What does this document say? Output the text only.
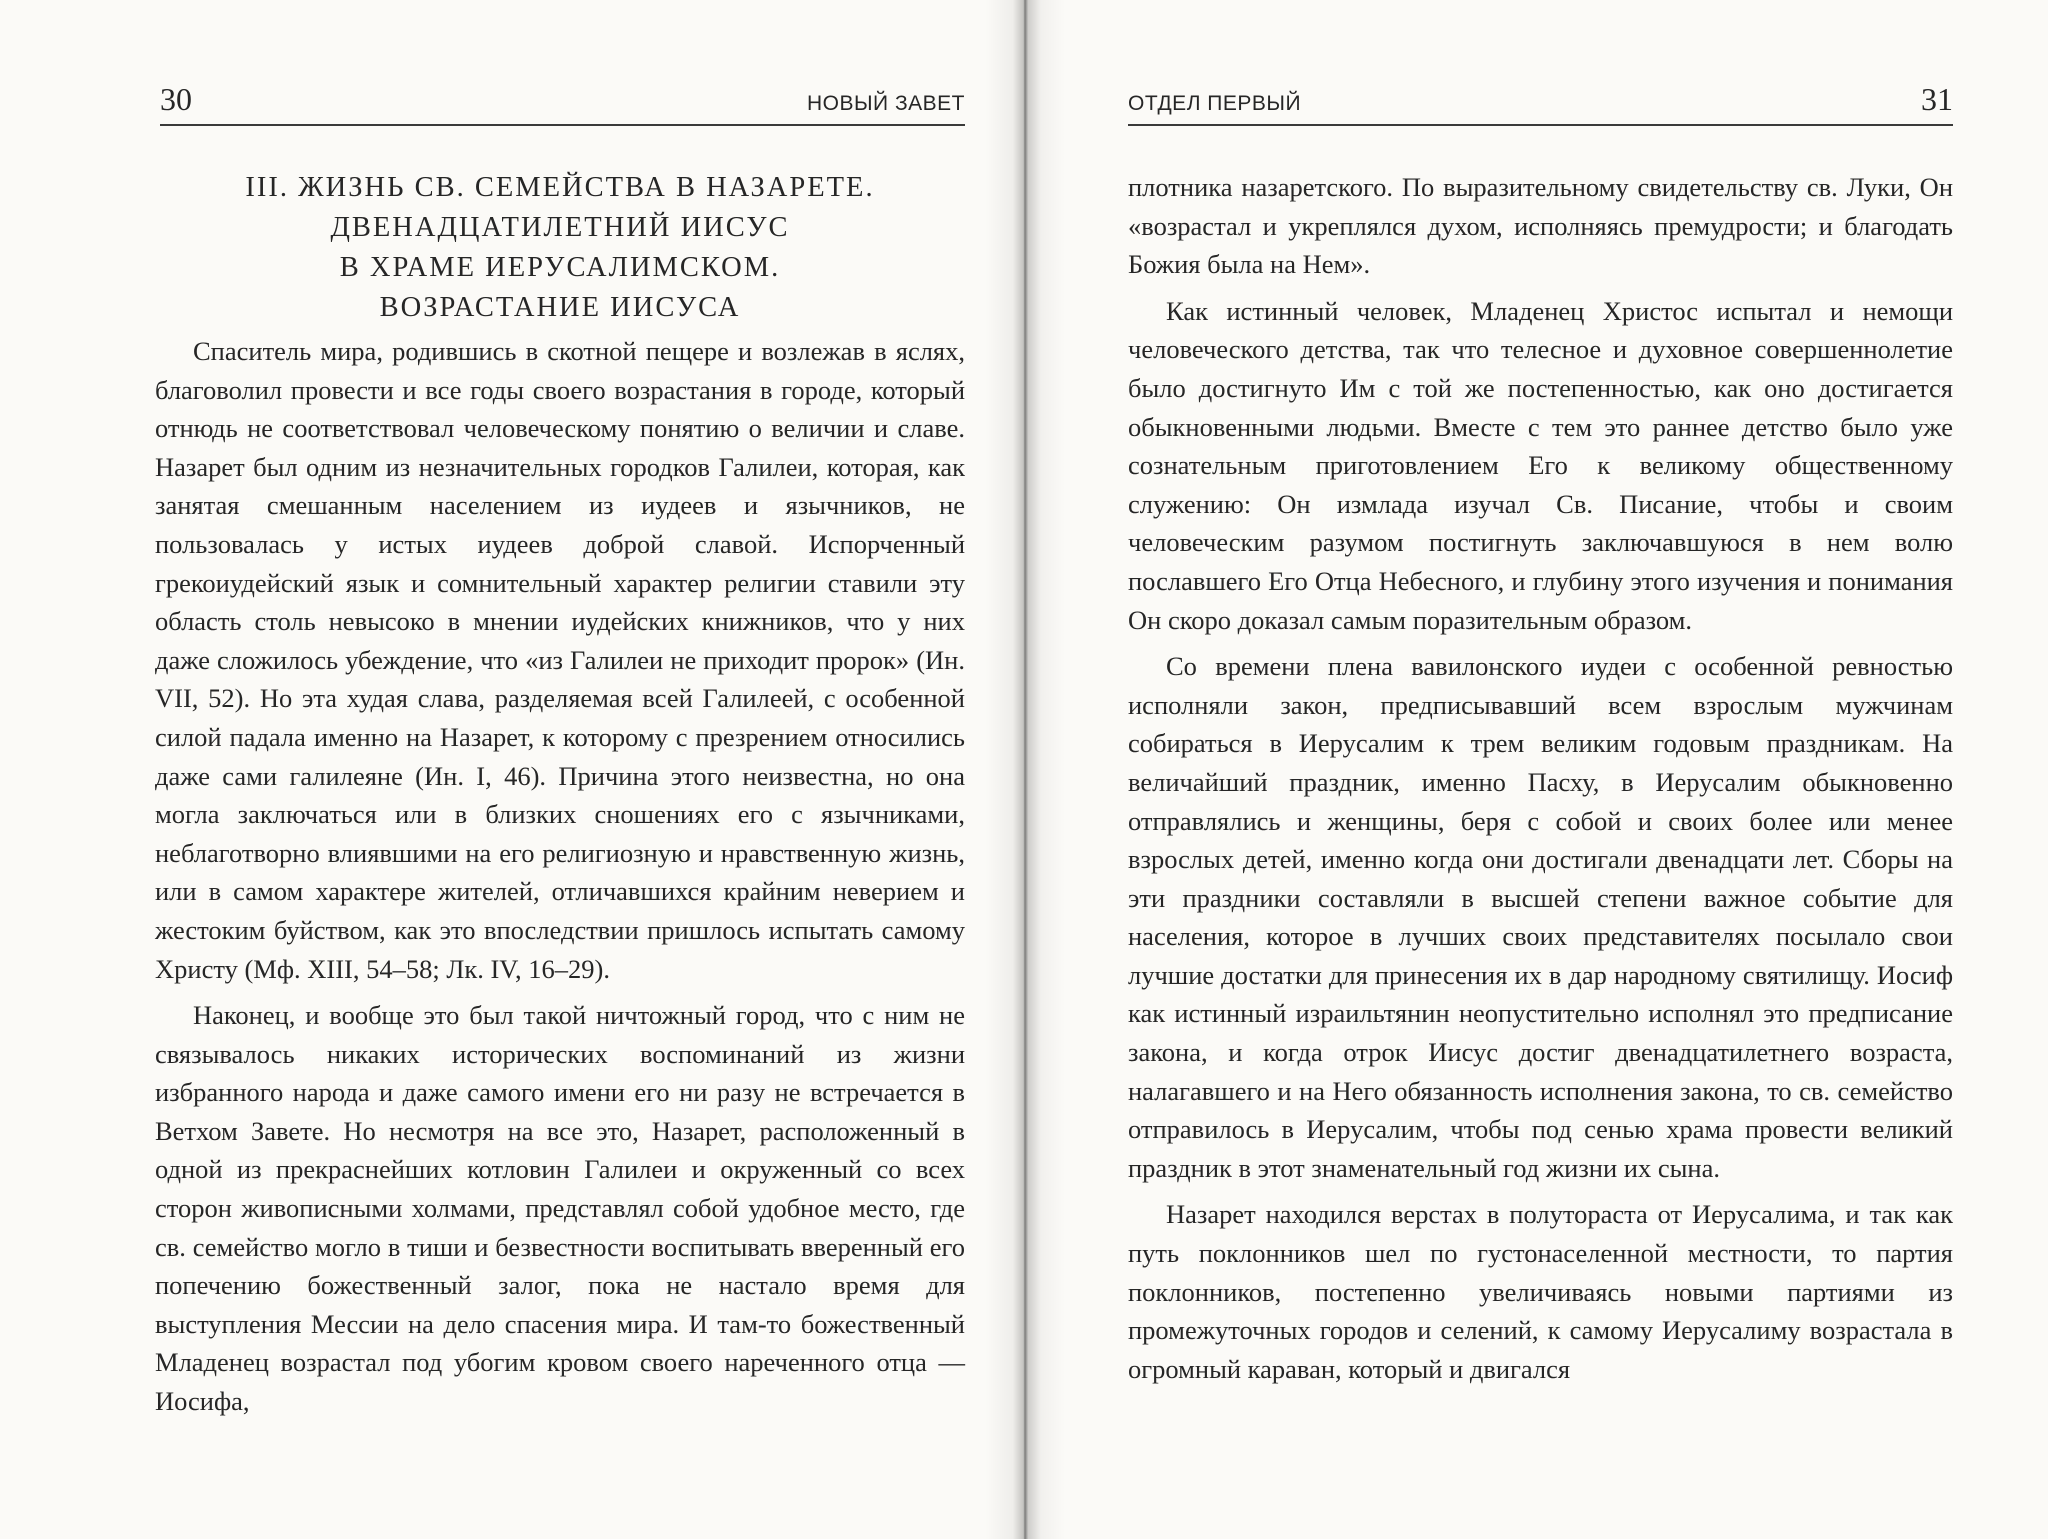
30	НОВЫЙ ЗАВЕТ
III. ЖИЗНЬ СВ. СЕМЕЙСТВА В НАЗАРЕТЕ.
ДВЕНАДЦАТИЛЕТНИЙ ИИСУС
В ХРАМЕ ИЕРУСАЛИМСКОМ.
ВОЗРАСТАНИЕ ИИСУСА

Спаситель мира, родившись в скотной пещере и возлежав в яслях, благоволил провести и все годы своего возрастания в городе, который отнюдь не соответствовал человеческому понятию о величии и славе. Назарет был одним из незначительных городков Галилеи, которая, как занятая смешанным населением из иудеев и язычников, не пользовалась у истых иудеев доброй славой. Испорченный грекоиудейский язык и сомнительный характер религии ставили эту область столь невысоко в мнении иудейских книжников, что у них даже сложилось убеждение, что «из Галилеи не приходит пророк» (Ин. VII, 52). Но эта худая слава, разделяемая всей Галилеей, с особенной силой падала именно на Назарет, к которому с презрением относились даже сами галилеяне (Ин. I, 46). Причина этого неизвестна, но она могла заключаться или в близких сношениях его с язычниками, неблаготворно влиявшими на его религиозную и нравственную жизнь, или в самом характере жителей, отличавшихся крайним неверием и жестоким буйством, как это впоследствии пришлось испытать самому Христу (Мф. XIII, 54–58; Лк. IV, 16–29).

Наконец, и вообще это был такой ничтожный город, что с ним не связывалось никаких исторических воспоминаний из жизни избранного народа и даже самого имени его ни разу не встречается в Ветхом Завете. Но несмотря на все это, Назарет, расположенный в одной из прекраснейших котловин Галилеи и окруженный со всех сторон живописными холмами, представлял собой удобное место, где св. семейство могло в тиши и безвестности воспитывать вверенный его попечению божественный залог, пока не настало время для выступления Мессии на дело спасения мира. И там-то божественный Младенец возрастал под убогим кровом своего нареченного отца — Иосифа,

ОТДЕЛ ПЕРВЫЙ	31

плотника назаретского. По выразительному свидетельству св. Луки, Он «возрастал и укреплялся духом, исполняясь премудрости; и благодать Божия была на Нем».

Как истинный человек, Младенец Христос испытал и немощи человеческого детства, так что телесное и духовное совершеннолетие было достигнуто Им с той же постепенностью, как оно достигается обыкновенными людьми. Вместе с тем это раннее детство было уже сознательным приготовлением Его к великому общественному служению: Он измлада изучал Св. Писание, чтобы и своим человеческим разумом постигнуть заключавшуюся в нем волю пославшего Его Отца Небесного, и глубину этого изучения и понимания Он скоро доказал самым поразительным образом.

Со времени плена вавилонского иудеи с особенной ревностью исполняли закон, предписывавший всем взрослым мужчинам собираться в Иерусалим к трем великим годовым праздникам. На величайший праздник, именно Пасху, в Иерусалим обыкновенно отправлялись и женщины, беря с собой и своих более или менее взрослых детей, именно когда они достигали двенадцати лет. Сборы на эти праздники составляли в высшей степени важное событие для населения, которое в лучших своих представителях посылало свои лучшие достатки для принесения их в дар народному святилищу. Иосиф как истинный израильтянин неопустительно исполнял это предписание закона, и когда отрок Иисус достиг двенадцатилетнего возраста, налагавшего и на Него обязанность исполнения закона, то св. семейство отправилось в Иерусалим, чтобы под сенью храма провести великий праздник в этот знаменательный год жизни их сына.

Назарет находился верстах в полутораста от Иерусалима, и так как путь поклонников шел по густонаселенной местности, то партия поклонников, постепенно увеличиваясь новыми партиями из промежуточных городов и селений, к самому Иерусалиму возрастала в огромный караван, который и двигался
